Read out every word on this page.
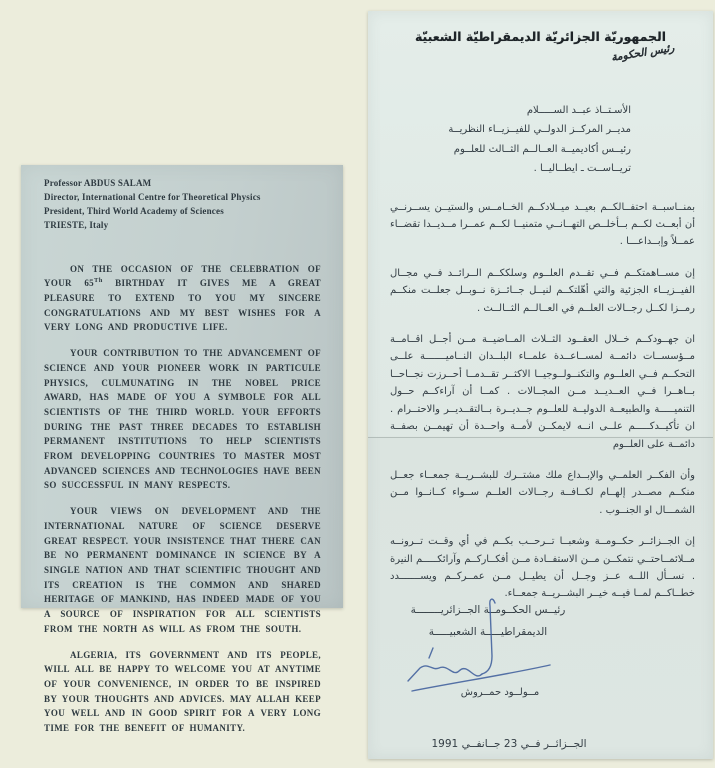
Professor ABDUS SALAM
Director, International Centre for Theoretical Physics
President, Third World Academy of Sciences
TRIESTE, Italy

ON THE OCCASION OF THE CELEBRATION OF YOUR 65Th BIRTHDAY IT GIVES ME A GREAT PLEASURE TO EXTEND TO YOU MY SINCERE CONGRATULATIONS AND MY BEST WISHES FOR A VERY LONG AND PRODUCTIVE LIFE.

YOUR CONTRIBUTION TO THE ADVANCEMENT OF SCIENCE AND YOUR PIONEER WORK IN PARTICULE PHYSICS, CULMUNATING IN THE NOBEL PRICE AWARD, HAS MADE OF YOU A SYMBOLE FOR ALL SCIENTISTS OF THE THIRD WORLD. YOUR EFFORTS DURING THE PAST THREE DECADES TO ESTABLISH PERMANENT INSTITUTIONS TO HELP SCIENTISTS FROM DEVELOPPING COUNTRIES TO MASTER MOST ADVANCED SCIENCES AND TECHNOLOGIES HAVE BEEN SO SUCCESSFUL IN MANY RESPECTS.

YOUR VIEWS ON DEVELOPMENT AND THE INTERNATIONAL NATURE OF SCIENCE DESERVE GREAT RESPECT. YOUR INSISTENCE THAT THERE CAN BE NO PERMANENT DOMINANCE IN SCIENCE BY A SINGLE NATION AND THAT SCIENTIFIC THOUGHT AND ITS CREATION IS THE COMMON AND SHARED HERITAGE OF MANKIND, HAS INDEED MADE OF YOU A SOURCE OF INSPIRATION FOR ALL SCIENTISTS FROM THE NORTH AS WILL AS FROM THE SOUTH.

ALGERIA, ITS GOVERNMENT AND ITS PEOPLE, WILL ALL BE HAPPY TO WELCOME YOU AT ANYTIME OF YOUR CONVENIENCE, IN ORDER TO BE INSPIRED BY YOUR THOUGHTS AND ADVICES. MAY ALLAH KEEP YOU WELL AND IN GOOD SPIRIT FOR A VERY LONG TIME FOR THE BENEFIT OF HUMANITY.

الجمهوريّة الجزائريّة الديمقراطيّة الشعبيّة
رئيس الحكومة
الأسـتــاذ عبــد الســـــلام
مديــر المركــز الدولــي للفيــزيــاء النظريــة
رئيــس أكاديميــة العــالــم الثــالث للعلــوم
تريــاســت ـ ايطــاليــا .

بمنــاسبــة احتفــالكــم بعيــد ميــلادكــم الخــامــس والستيــن يســرنــي أن أبعــث لكــم بــأخلــص التهــانــي متمنيــا لكــم عمــرا مــديــدا تقضــاء عمــلاً وإبــداعـــا .

إن مســاهمتكــم فــي تقــدم العلــوم وسلككــم الــرائــد فــي مجــال الفيــزيــاء الجزئية والتي أهّلتكــم لنيــل جــائــزة نــوبــل جعلــت منكــم رمــزا لكــل رجــالات العلــم في العــالــم الثــالــث .

ان جهــودكــم خــلال العقــود الثــلاث المــاضيــة مــن أجــل اقــامــة مــؤسســات دائمــة لمســاعــدة علمــاء البلــدان النــاميـــــــة علــى التحكــم فــي العلــوم والتكنــولــوجيــا الاكثــر تقــدمــا أحــرزت نجــاحــا بــاهــرا فــي العــديــد مــن المجــالات . كمــا أن آراءكــم حــول التنميـــــة والطبيعــة الدوليــة للعلــوم جــديــرة بــالتقــديــر والاحتــرام . ان تأكيــدكـــــم علــى انــه لايمكــن لأمــة واحــدة أن تهيمــن بصفــة دائمــة على العلــوم

وأن الفكــر العلمــي والإبــداع ملك مشتــرك للبشــريــة جمعــاء جعــل منكــم مصــدر إلهــام لكــافــة رجــالات العلــم ســواء كــانــوا مــن الشمـــال او الجنــوب .

إن الجــزائــر حكــومــة وشعبــا تــرحــب بكــم في أي وقــت تــرونــه مــلائمــاحتــي نتمكــن مــن الاستفــادة مــن أفكــاركــم وآرائكـــــم النيرة . نســأل اللــه عــز وجــل أن يطيــل مــن عمــركــم ويســـــــدد خطــاكــم لمــا فيــه خيــر البشــريــة جمعــاء.

رئيــس الحكــومــة الجــزائريــــــــة
الديمقراطيـــــة الشعبيـــــة
مــولــود حمــروش
الجــزائــر فــي 23 جــانفــي 1991
